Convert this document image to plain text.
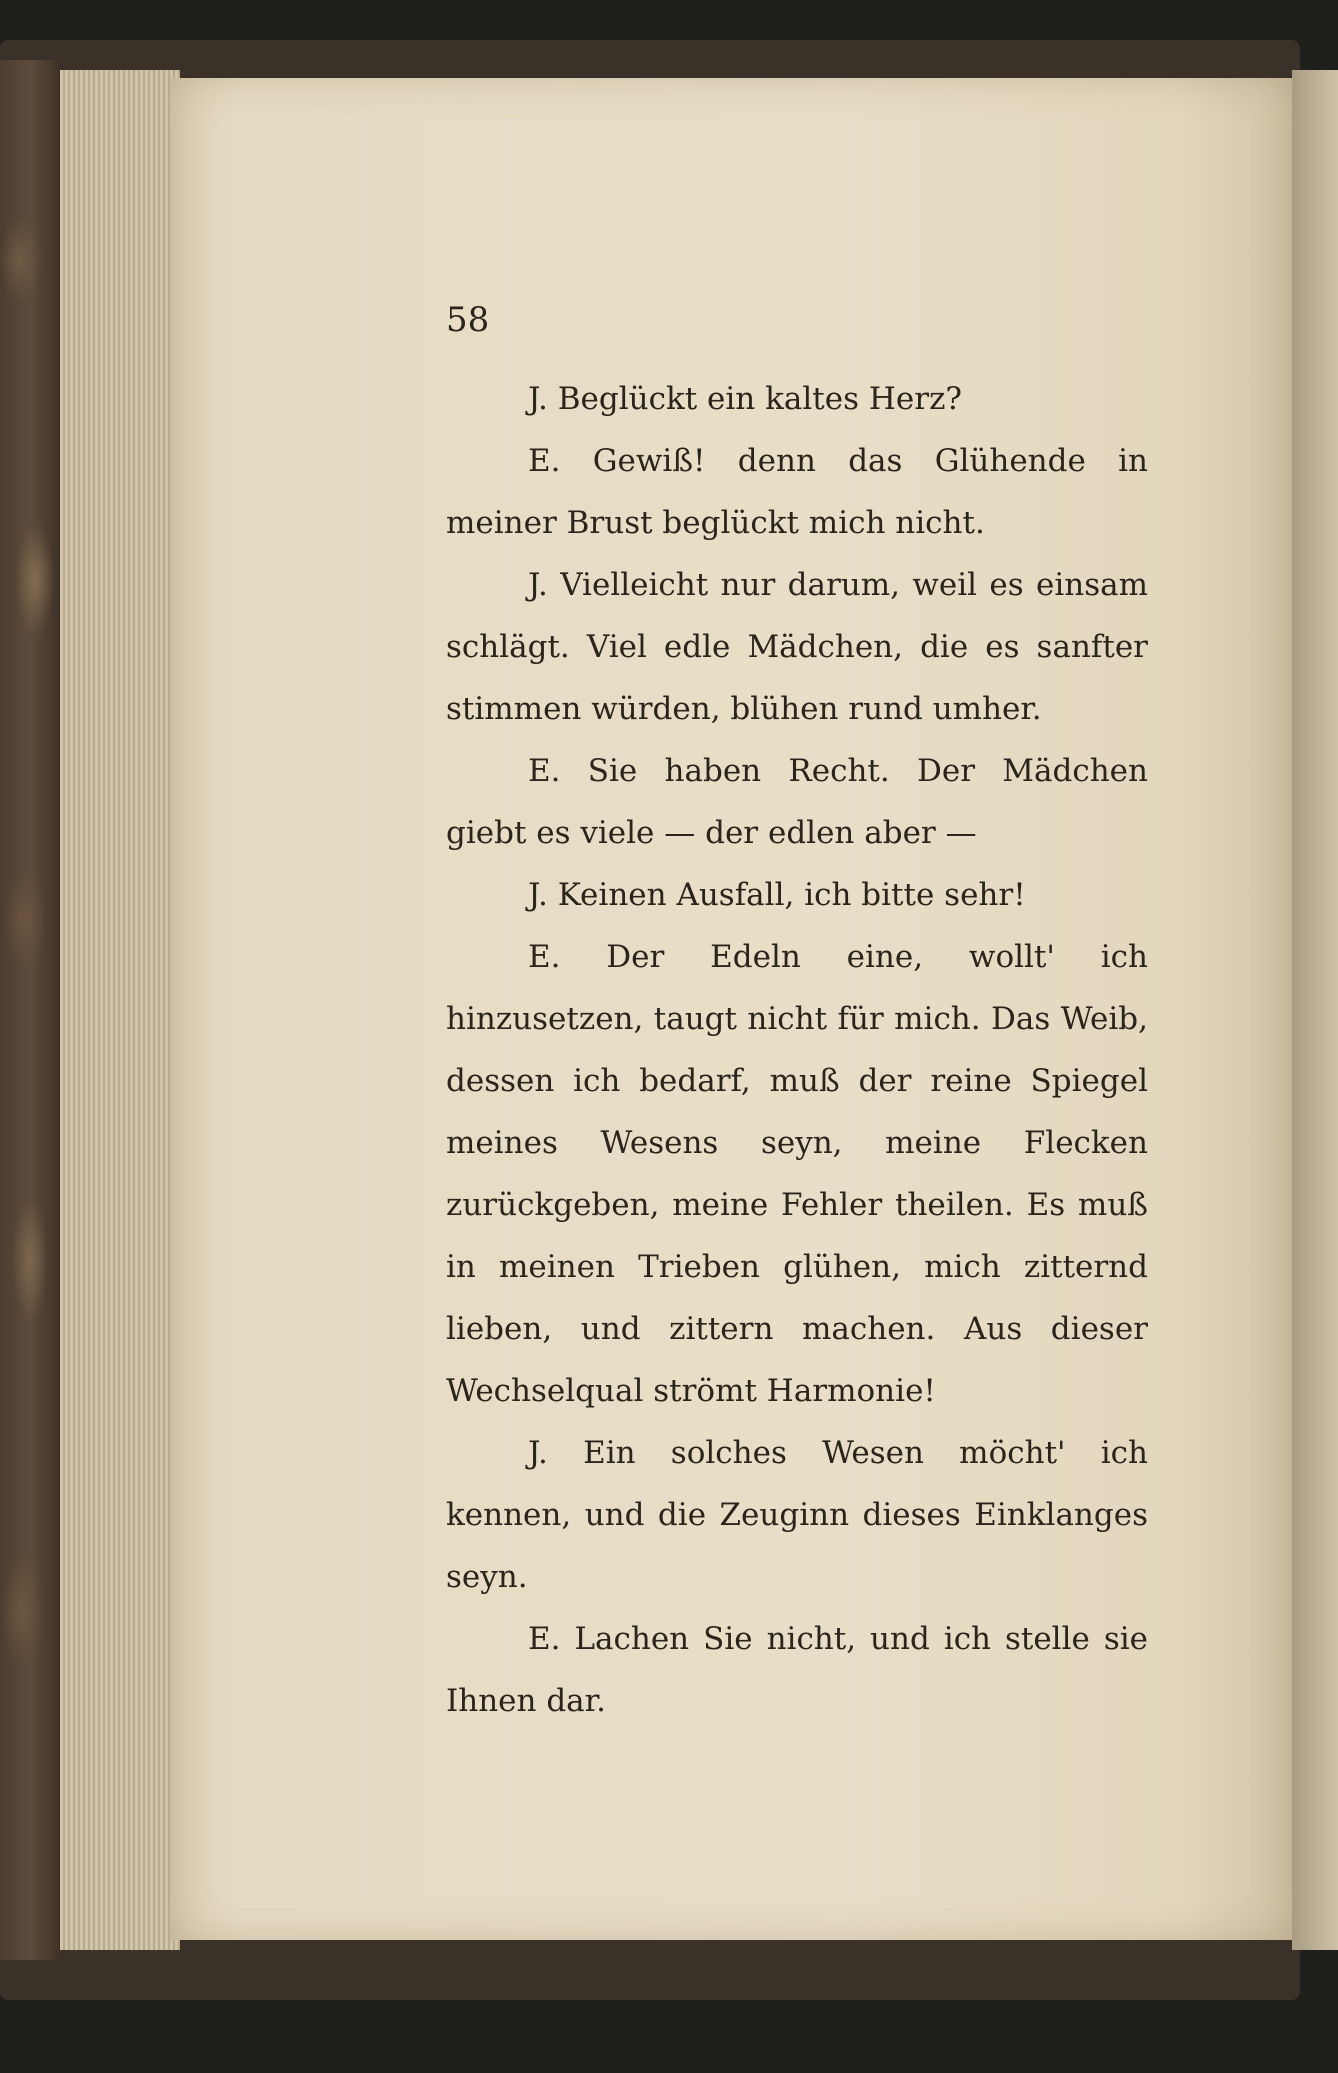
58

J. Beglückt ein kaltes Herz?

E. Gewiß! denn das Glühende in meiner Brust beglückt mich nicht.

J. Vielleicht nur darum, weil es einsam schlägt. Viel edle Mädchen, die es sanfter stimmen würden, blühen rund umher.

E. Sie haben Recht. Der Mädchen giebt es viele — der edlen aber —

J. Keinen Ausfall, ich bitte sehr!

E. Der Edeln eine, wollt' ich hinzusetzen, taugt nicht für mich. Das Weib, dessen ich bedarf, muß der reine Spiegel meines Wesens seyn, meine Flecken zurückgeben, meine Fehler theilen. Es muß in meinen Trieben glühen, mich zitternd lieben, und zittern machen. Aus dieser Wechselqual strömt Harmonie!

J. Ein solches Wesen möcht' ich kennen, und die Zeuginn dieses Einklanges seyn.

E. Lachen Sie nicht, und ich stelle sie Ihnen dar.
